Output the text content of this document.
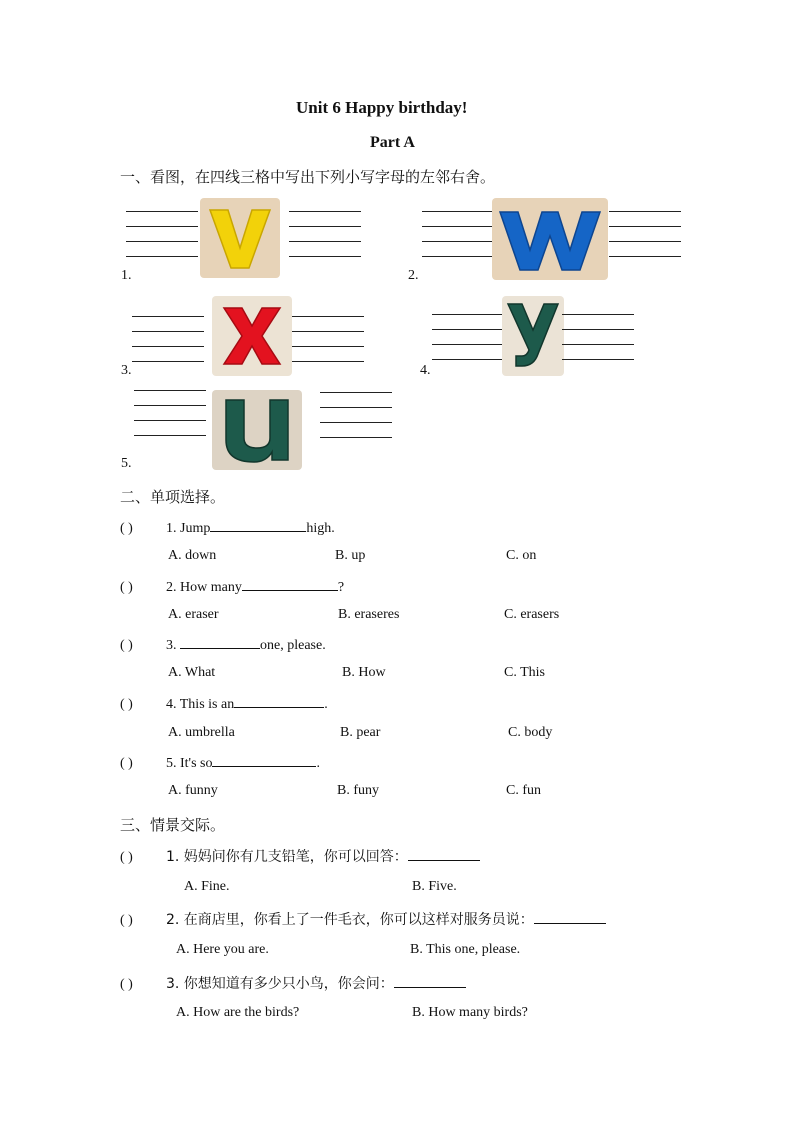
Unit 6 Happy birthday!
Part A
一、看图，在四线三格中写出下列小写字母的左邻右舍。
1.	2.
3.	4.
5.
二、单项选择。
( ) 1. Jump	high.
A. down	B. up	C. on
( ) 2. How many	?
A. eraser	B. eraseres	C. erasers
( ) 3.	one, please.
A. What	B. How	C. This
( ) 4. This is an	.
A. umbrella	B. pear	C. body
( ) 5. It's so	.
A. funny	B. funy	C. fun
三、情景交际。
( ) 1. 妈妈问你有几支铅笔，你可以回答：
A. Fine.	B. Five.
( ) 2. 在商店里，你看上了一件毛衣，你可以这样对服务员说：
A. Here you are.	B. This one, please.
( ) 3. 你想知道有多少只小鸟，你会问：
A. How are the birds?	B. How many birds?
